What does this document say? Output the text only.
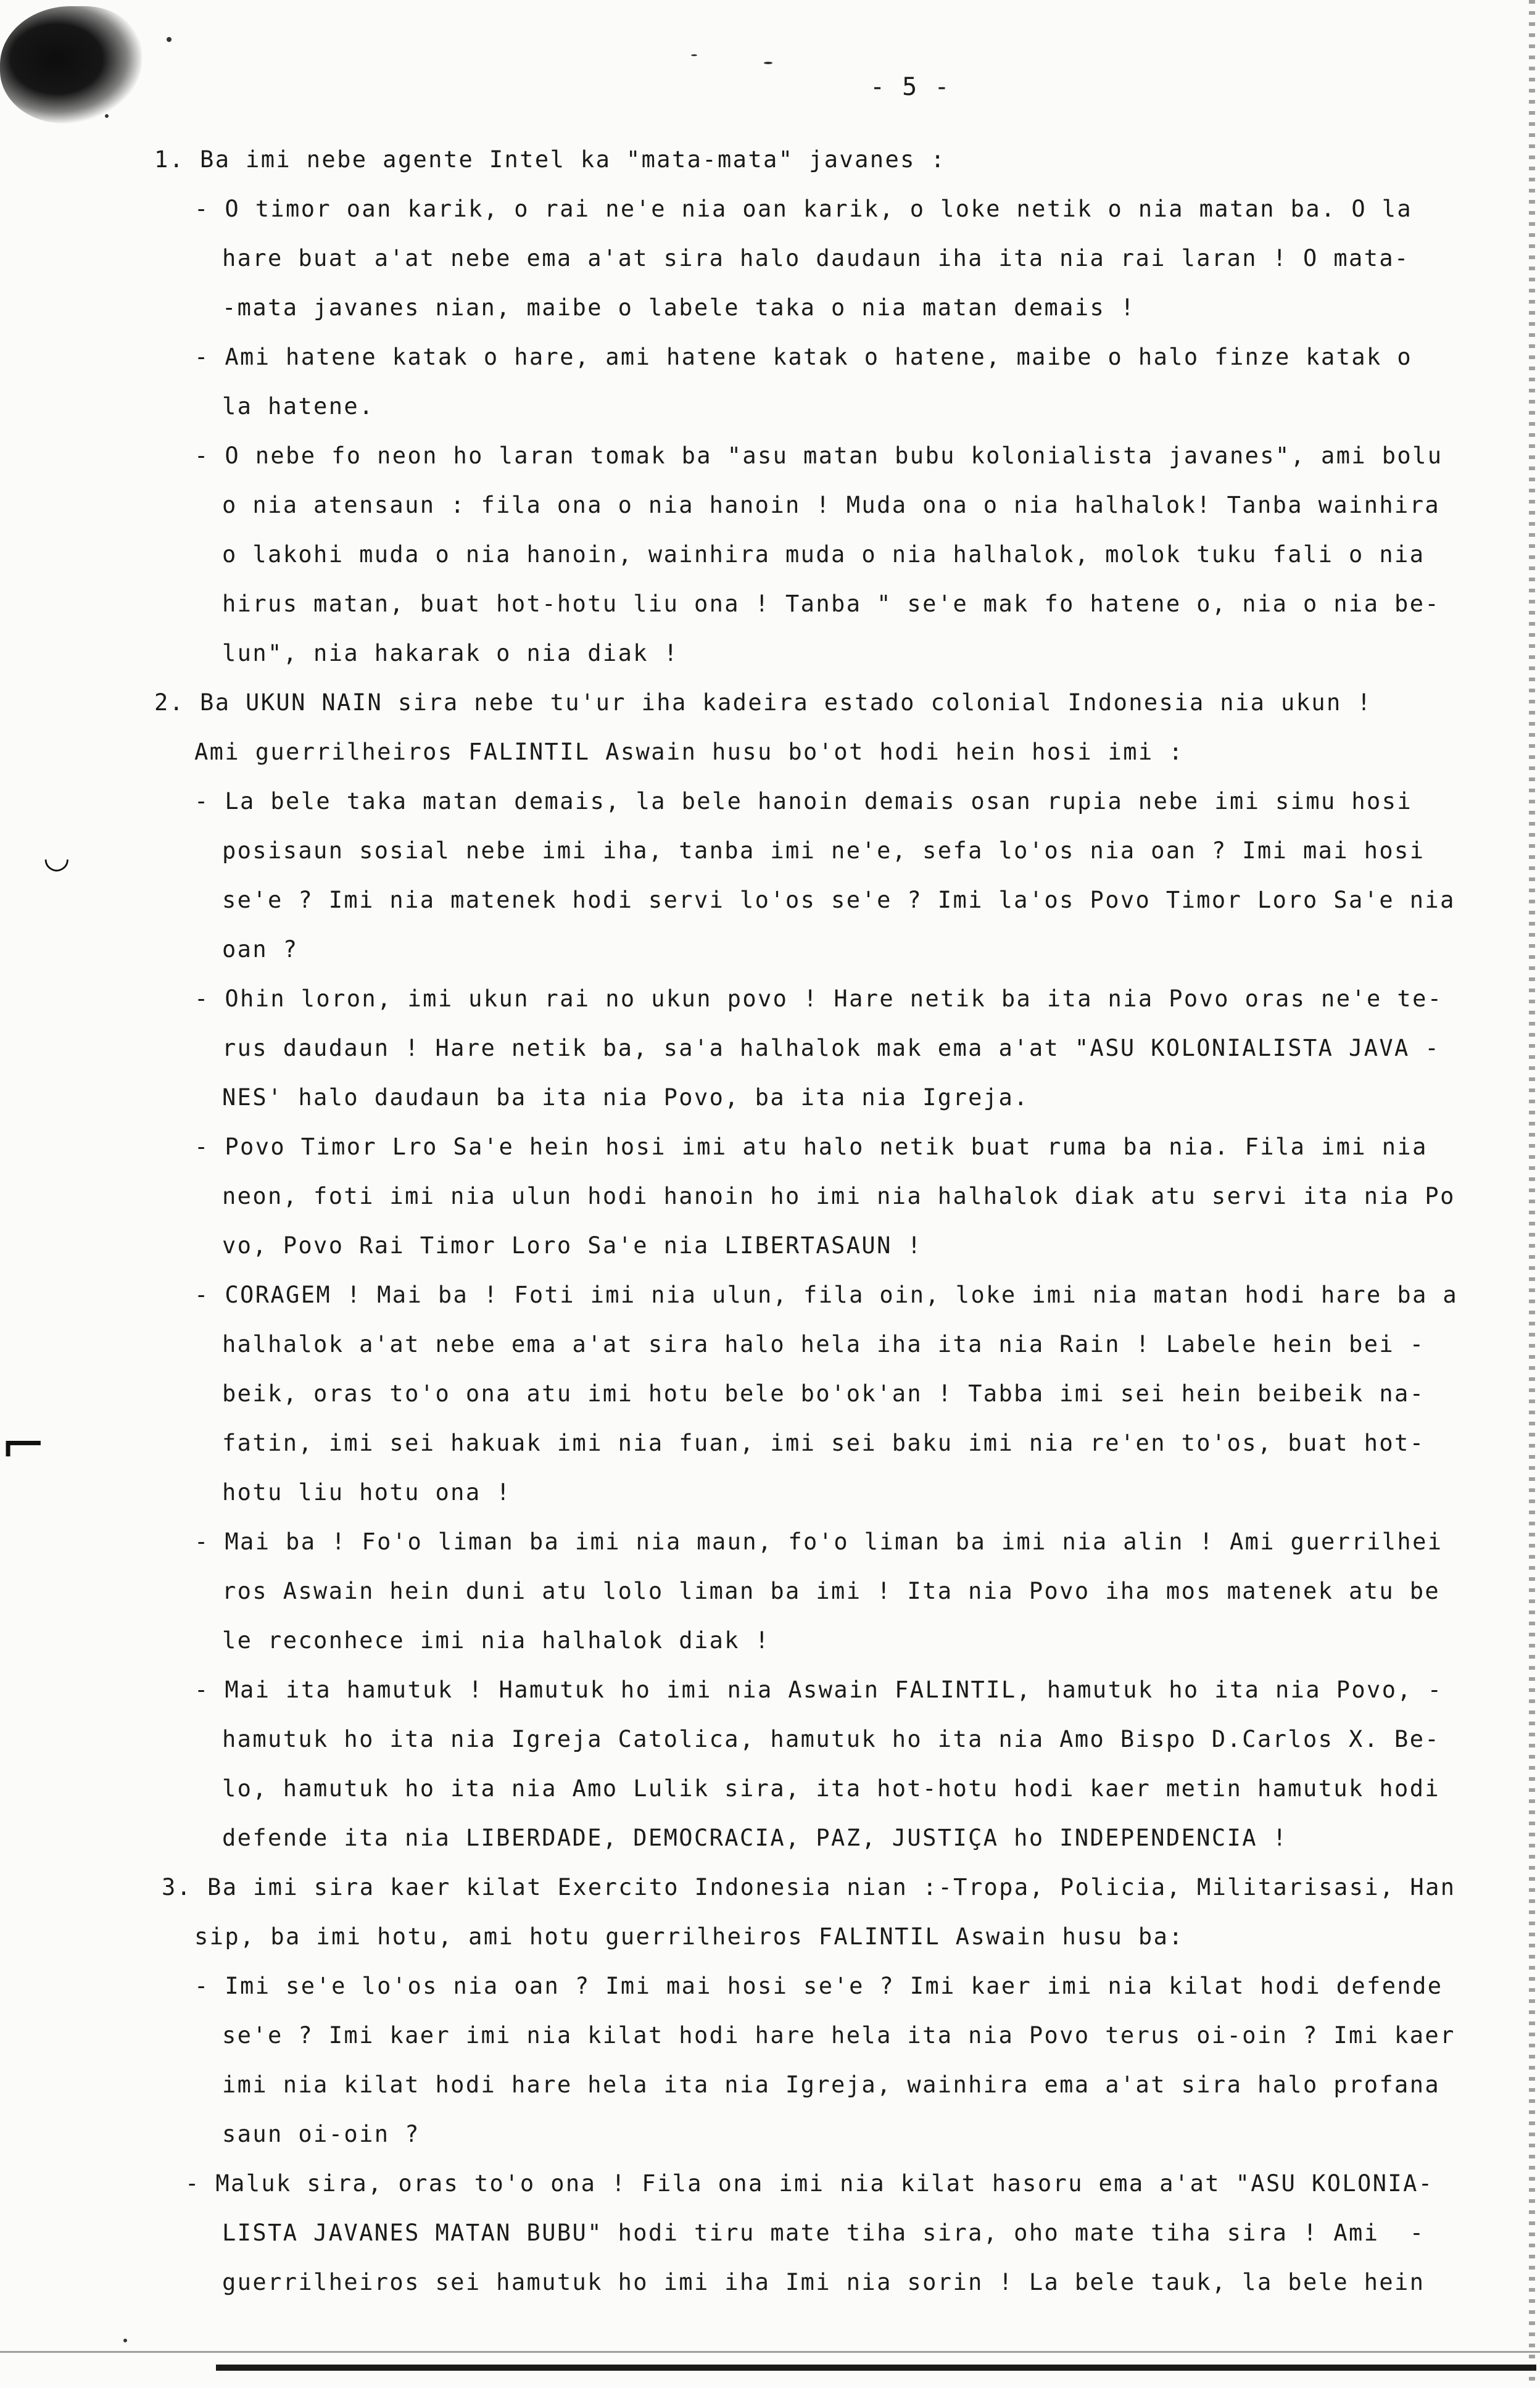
- 5 -
1. Ba imi nebe agente Intel ka "mata-mata" javanes :
- O timor oan karik, o rai ne'e nia oan karik, o loke netik o nia matan ba. O la
hare buat a'at nebe ema a'at sira halo daudaun iha ita nia rai laran ! O mata-
-mata javanes nian, maibe o labele taka o nia matan demais !
- Ami hatene katak o hare, ami hatene katak o hatene, maibe o halo finze katak o
la hatene.
- O nebe fo neon ho laran tomak ba "asu matan bubu kolonialista javanes", ami bolu
o nia atensaun : fila ona o nia hanoin ! Muda ona o nia halhalok! Tanba wainhira
o lakohi muda o nia hanoin, wainhira muda o nia halhalok, molok tuku fali o nia
hirus matan, buat hot-hotu liu ona ! Tanba " se'e mak fo hatene o, nia o nia be-
lun", nia hakarak o nia diak !
2. Ba UKUN NAIN sira nebe tu'ur iha kadeira estado colonial Indonesia nia ukun !
Ami guerrilheiros FALINTIL Aswain husu bo'ot hodi hein hosi imi :
- La bele taka matan demais, la bele hanoin demais osan rupia nebe imi simu hosi
posisaun sosial nebe imi iha, tanba imi ne'e, sefa lo'os nia oan ? Imi mai hosi
se'e ? Imi nia matenek hodi servi lo'os se'e ? Imi la'os Povo Timor Loro Sa'e nia
oan ?
- Ohin loron, imi ukun rai no ukun povo ! Hare netik ba ita nia Povo oras ne'e te-
rus daudaun ! Hare netik ba, sa'a halhalok mak ema a'at "ASU KOLONIALISTA JAVA -
NES' halo daudaun ba ita nia Povo, ba ita nia Igreja.
- Povo Timor Lro Sa'e hein hosi imi atu halo netik buat ruma ba nia. Fila imi nia
neon, foti imi nia ulun hodi hanoin ho imi nia halhalok diak atu servi ita nia Po
vo, Povo Rai Timor Loro Sa'e nia LIBERTASAUN !
- CORAGEM ! Mai ba ! Foti imi nia ulun, fila oin, loke imi nia matan hodi hare ba a
halhalok a'at nebe ema a'at sira halo hela iha ita nia Rain ! Labele hein bei -
beik, oras to'o ona atu imi hotu bele bo'ok'an ! Tabba imi sei hein beibeik na-
fatin, imi sei hakuak imi nia fuan, imi sei baku imi nia re'en to'os, buat hot-
hotu liu hotu ona !
- Mai ba ! Fo'o liman ba imi nia maun, fo'o liman ba imi nia alin ! Ami guerrilhei
ros Aswain hein duni atu lolo liman ba imi ! Ita nia Povo iha mos matenek atu be
le reconhece imi nia halhalok diak !
- Mai ita hamutuk ! Hamutuk ho imi nia Aswain FALINTIL, hamutuk ho ita nia Povo, -
hamutuk ho ita nia Igreja Catolica, hamutuk ho ita nia Amo Bispo D.Carlos X. Be-
lo, hamutuk ho ita nia Amo Lulik sira, ita hot-hotu hodi kaer metin hamutuk hodi
defende ita nia LIBERDADE, DEMOCRACIA, PAZ, JUSTIÇA ho INDEPENDENCIA !
3. Ba imi sira kaer kilat Exercito Indonesia nian :-Tropa, Policia, Militarisasi, Han
sip, ba imi hotu, ami hotu guerrilheiros FALINTIL Aswain husu ba:
- Imi se'e lo'os nia oan ? Imi mai hosi se'e ? Imi kaer imi nia kilat hodi defende
se'e ? Imi kaer imi nia kilat hodi hare hela ita nia Povo terus oi-oin ? Imi kaer
imi nia kilat hodi hare hela ita nia Igreja, wainhira ema a'at sira halo profana
saun oi-oin ?
- Maluk sira, oras to'o ona ! Fila ona imi nia kilat hasoru ema a'at "ASU KOLONIA-
LISTA JAVANES MATAN BUBU" hodi tiru mate tiha sira, oho mate tiha sira ! Ami  -
guerrilheiros sei hamutuk ho imi iha Imi nia sorin ! La bele tauk, la bele hein
⌐
◡
